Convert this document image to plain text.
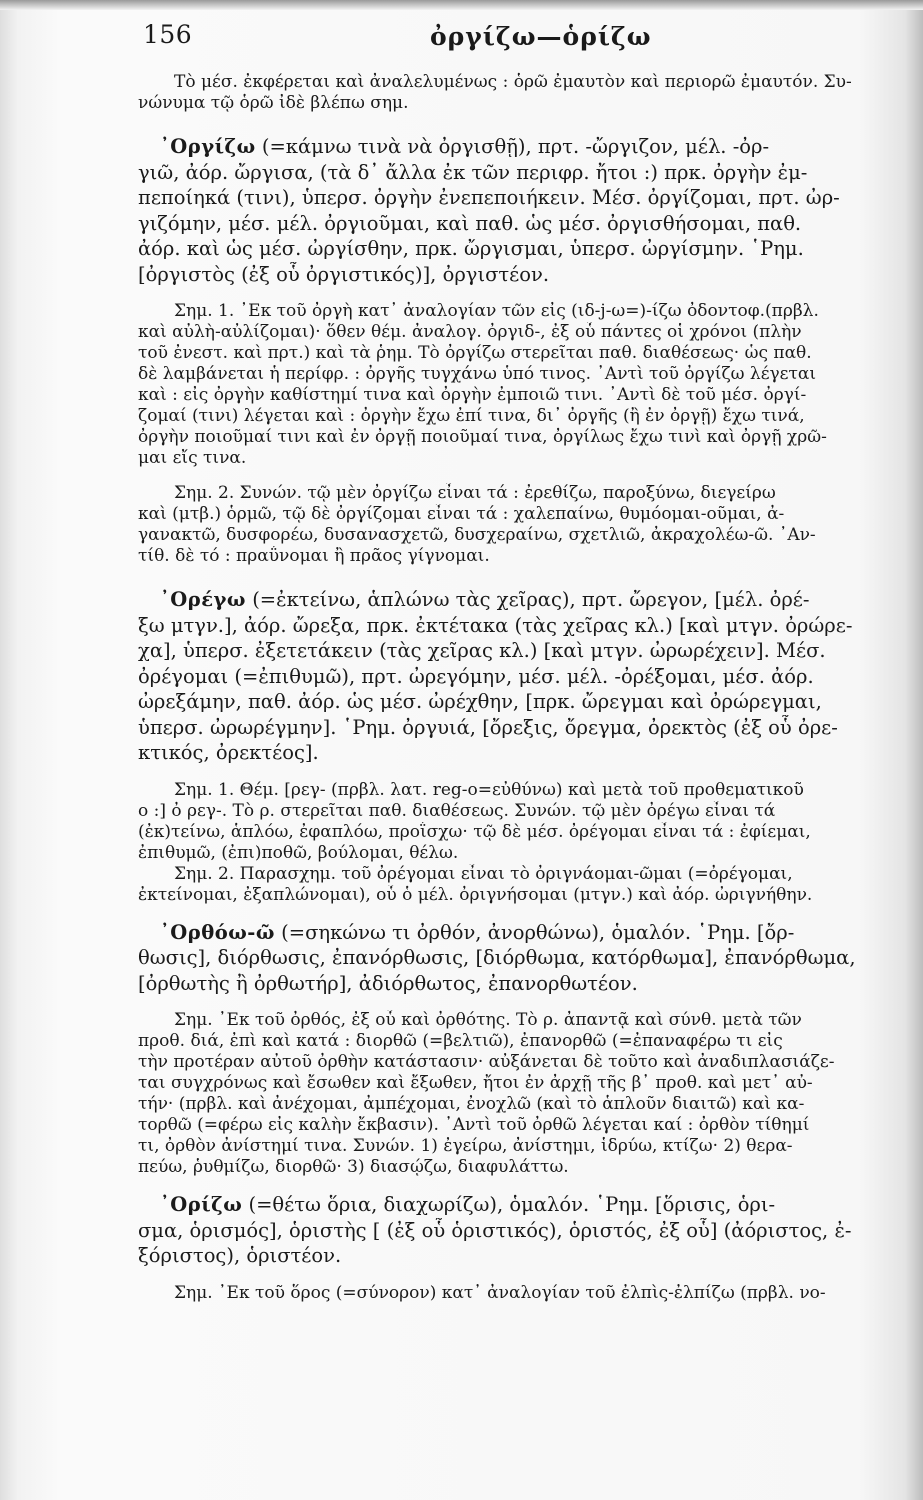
156	ὀργίζω—ὁρίζω
Τὸ μέσ. ἐκφέρεται καὶ ἀναλελυμένως : ὁρῶ ἐμαυτὸν καὶ περιορῶ ἐμαυτόν. Συ-
νώνυμα τῷ ὁρῶ ἰδὲ βλέπω σημ.
᾿Οργίζω (=κάμνω τινὰ νὰ ὀργισθῇ), πρτ. -ὤργιζον, μέλ. -ὀρ-
γιῶ, ἀόρ. ὤργισα, (τὰ δ᾿ ἄλλα ἐκ τῶν περιφρ. ἤτοι :) πρκ. ὀργὴν ἐμ-
πεποίηκά (τινι), ὑπερσ. ὀργὴν ἐνεπεποιήκειν. Μέσ. ὀργίζομαι, πρτ. ὠρ-
γιζόμην, μέσ. μέλ. ὀργιοῦμαι, καὶ παθ. ὡς μέσ. ὀργισθήσομαι, παθ.
ἀόρ. καὶ ὡς μέσ. ὠργίσθην, πρκ. ὤργισμαι, ὑπερσ. ὠργίσμην. ῾Ρημ.
[ὀργιστὸς (ἐξ οὗ ὀργιστικός)], ὀργιστέον.
Σημ. 1. ᾿Εκ τοῦ ὀργὴ κατ᾿ ἀναλογίαν τῶν εἰς (ιδ-j-ω=)-ίζω ὀδοντοφ.(πρβλ.
καὶ αὐλὴ-αὐλίζομαι)· ὅθεν θέμ. ἀναλογ. ὀργιδ-, ἐξ οὗ πάντες οἱ χρόνοι (πλὴν
τοῦ ἐνεστ. καὶ πρτ.) καὶ τὰ ῥημ. Τὸ ὀργίζω στερεῖται παθ. διαθέσεως· ὡς παθ.
δὲ λαμβάνεται ἡ περίφρ. : ὀργῆς τυγχάνω ὑπό τινος. ᾿Αντὶ τοῦ ὀργίζω λέγεται
καὶ : εἰς ὀργὴν καθίστημί τινα καὶ ὀργὴν ἐμποιῶ τινι. ᾿Αντὶ δὲ τοῦ μέσ. ὀργί-
ζομαί (τινι) λέγεται καὶ : ὀργὴν ἔχω ἐπί τινα, δι᾿ ὀργῆς (ἢ ἐν ὀργῇ) ἔχω τινά,
ὀργὴν ποιοῦμαί τινι καὶ ἐν ὀργῇ ποιοῦμαί τινα, ὀργίλως ἔχω τινὶ καὶ ὀργῇ χρῶ-
μαι εἴς τινα.
Σημ. 2. Συνών. τῷ μὲν ὀργίζω εἶναι τά : ἐρεθίζω, παροξύνω, διεγείρω
καὶ (μτβ.) ὁρμῶ, τῷ δὲ ὀργίζομαι εἶναι τά : χαλεπαίνω, θυμόομαι-οῦμαι, ἀ-
γανακτῶ, δυσφορέω, δυσανασχετῶ, δυσχεραίνω, σχετλιῶ, ἀκραχολέω-ῶ. ᾿Αν-
τίθ. δὲ τό : πραΰνομαι ἢ πρᾶος γίγνομαι.
᾿Ορέγω (=ἐκτείνω, ἁπλώνω τὰς χεῖρας), πρτ. ὤρεγον, [μέλ. ὀρέ-
ξω μτγν.], ἀόρ. ὤρεξα, πρκ. ἐκτέτακα (τὰς χεῖρας κλ.) [καὶ μτγν. ὀρώρε-
χα], ὑπερσ. ἐξετετάκειν (τὰς χεῖρας κλ.) [καὶ μτγν. ὠρωρέχειν]. Μέσ.
ὀρέγομαι (=ἐπιθυμῶ), πρτ. ὠρεγόμην, μέσ. μέλ. -ὀρέξομαι, μέσ. ἀόρ.
ὠρεξάμην, παθ. ἀόρ. ὡς μέσ. ὠρέχθην, [πρκ. ὤρεγμαι καὶ ὀρώρεγμαι,
ὑπερσ. ὠρωρέγμην]. ῾Ρημ. ὀργυιά, [ὄρεξις, ὄρεγμα, ὀρεκτὸς (ἐξ οὗ ὀρε-
κτικός, ὀρεκτέος].
Σημ. 1. Θέμ. [ρεγ- (πρβλ. λατ. reg-o=εὐθύνω) καὶ μετὰ τοῦ προθεματικοῦ
ο :] ὀ ρεγ-. Τὸ ρ. στερεῖται παθ. διαθέσεως. Συνών. τῷ μὲν ὀρέγω εἶναι τά
(ἐκ)τείνω, ἁπλόω, ἐφαπλόω, προΐσχω· τῷ δὲ μέσ. ὀρέγομαι εἶναι τά : ἐφίεμαι,
ἐπιθυμῶ, (ἐπι)ποθῶ, βούλομαι, θέλω.
Σημ. 2. Παρασχημ. τοῦ ὀρέγομαι εἶναι τὸ ὀριγνάομαι-ῶμαι (=ὀρέγομαι,
ἐκτείνομαι, ἐξαπλώνομαι), οὗ ὁ μέλ. ὀριγνήσομαι (μτγν.) καὶ ἀόρ. ὠριγνήθην.
᾿Ορθόω-ῶ (=σηκώνω τι ὀρθόν, ἀνορθώνω), ὁμαλόν. ῾Ρημ. [ὄρ-
θωσις], διόρθωσις, ἐπανόρθωσις, [διόρθωμα, κατόρθωμα], ἐπανόρθωμα,
[ὀρθωτὴς ἢ ὀρθωτήρ], ἀδιόρθωτος, ἐπανορθωτέον.
Σημ. ᾿Εκ τοῦ ὀρθός, ἐξ οὗ καὶ ὀρθότης. Τὸ ρ. ἀπαντᾷ καὶ σύνθ. μετὰ τῶν
προθ. διά, ἐπὶ καὶ κατά : διορθῶ (=βελτιῶ), ἐπανορθῶ (=ἐπαναφέρω τι εἰς
τὴν προτέραν αὐτοῦ ὀρθὴν κατάστασιν· αὐξάνεται δὲ τοῦτο καὶ ἀναδιπλασιάζε-
ται συγχρόνως καὶ ἔσωθεν καὶ ἔξωθεν, ἤτοι ἐν ἀρχῇ τῆς β᾿ προθ. καὶ μετ᾿ αὐ-
τήν· (πρβλ. καὶ ἀνέχομαι, ἀμπέχομαι, ἐνοχλῶ (καὶ τὸ ἁπλοῦν διαιτῶ) καὶ κα-
τορθῶ (=φέρω εἰς καλὴν ἔκβασιν). ᾿Αντὶ τοῦ ὀρθῶ λέγεται καί : ὀρθὸν τίθημί
τι, ὀρθὸν ἀνίστημί τινα. Συνών. 1) ἐγείρω, ἀνίστημι, ἱδρύω, κτίζω· 2) θερα-
πεύω, ῥυθμίζω, διορθῶ· 3) διασῴζω, διαφυλάττω.
᾿Ορίζω (=θέτω ὅρια, διαχωρίζω), ὁμαλόν. ῾Ρημ. [ὅρισις, ὁρι-
σμα, ὁρισμός], ὁριστὴς [ (ἐξ οὗ ὁριστικός), ὁριστός, ἐξ οὗ] (ἀόριστος, ἐ-
ξόριστος), ὁριστέον.
Σημ. ᾿Εκ τοῦ ὅρος (=σύνορον) κατ᾿ ἀναλογίαν τοῦ ἐλπὶς-ἐλπίζω (πρβλ. νο-
